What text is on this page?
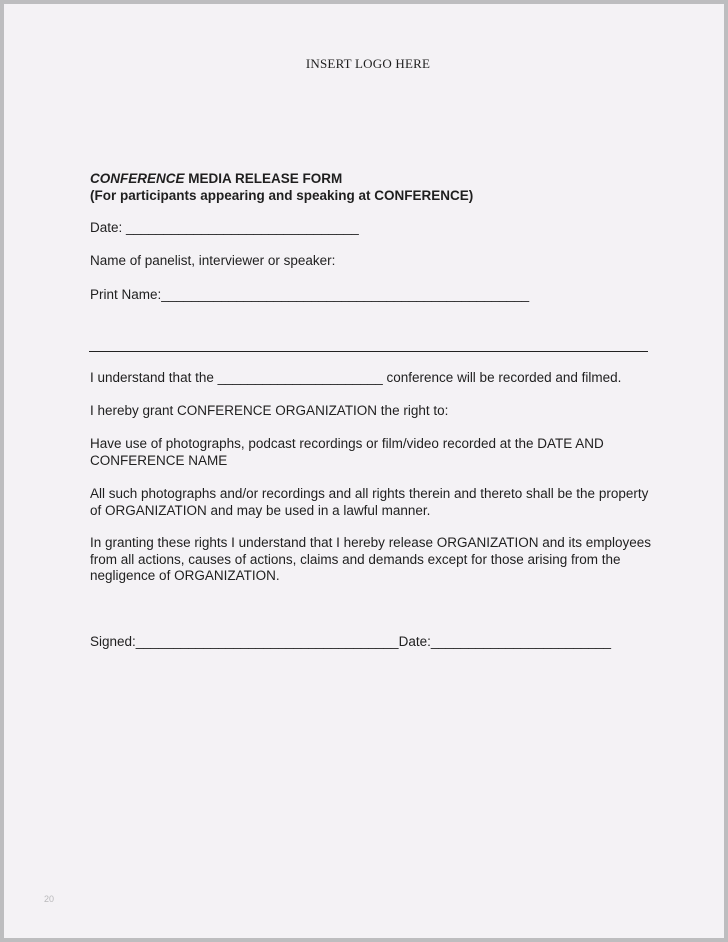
INSERT LOGO HERE
CONFERENCE MEDIA RELEASE FORM
(For participants appearing and speaking at CONFERENCE)
Date: _______________________________
Name of panelist, interviewer or speaker:
Print Name:_________________________________________________
I understand that the ______________________ conference will be recorded and filmed.
I hereby grant CONFERENCE ORGANIZATION the right to:
Have use of photographs, podcast recordings or film/video recorded at the DATE AND CONFERENCE NAME
All such photographs and/or recordings and all rights therein and thereto shall be the property of ORGANIZATION and may be used in a lawful manner.
In granting these rights I understand that I hereby release ORGANIZATION and its employees from all actions, causes of actions, claims and demands except for those arising from the negligence of ORGANIZATION.
Signed:___________________________________Date:________________________
20
